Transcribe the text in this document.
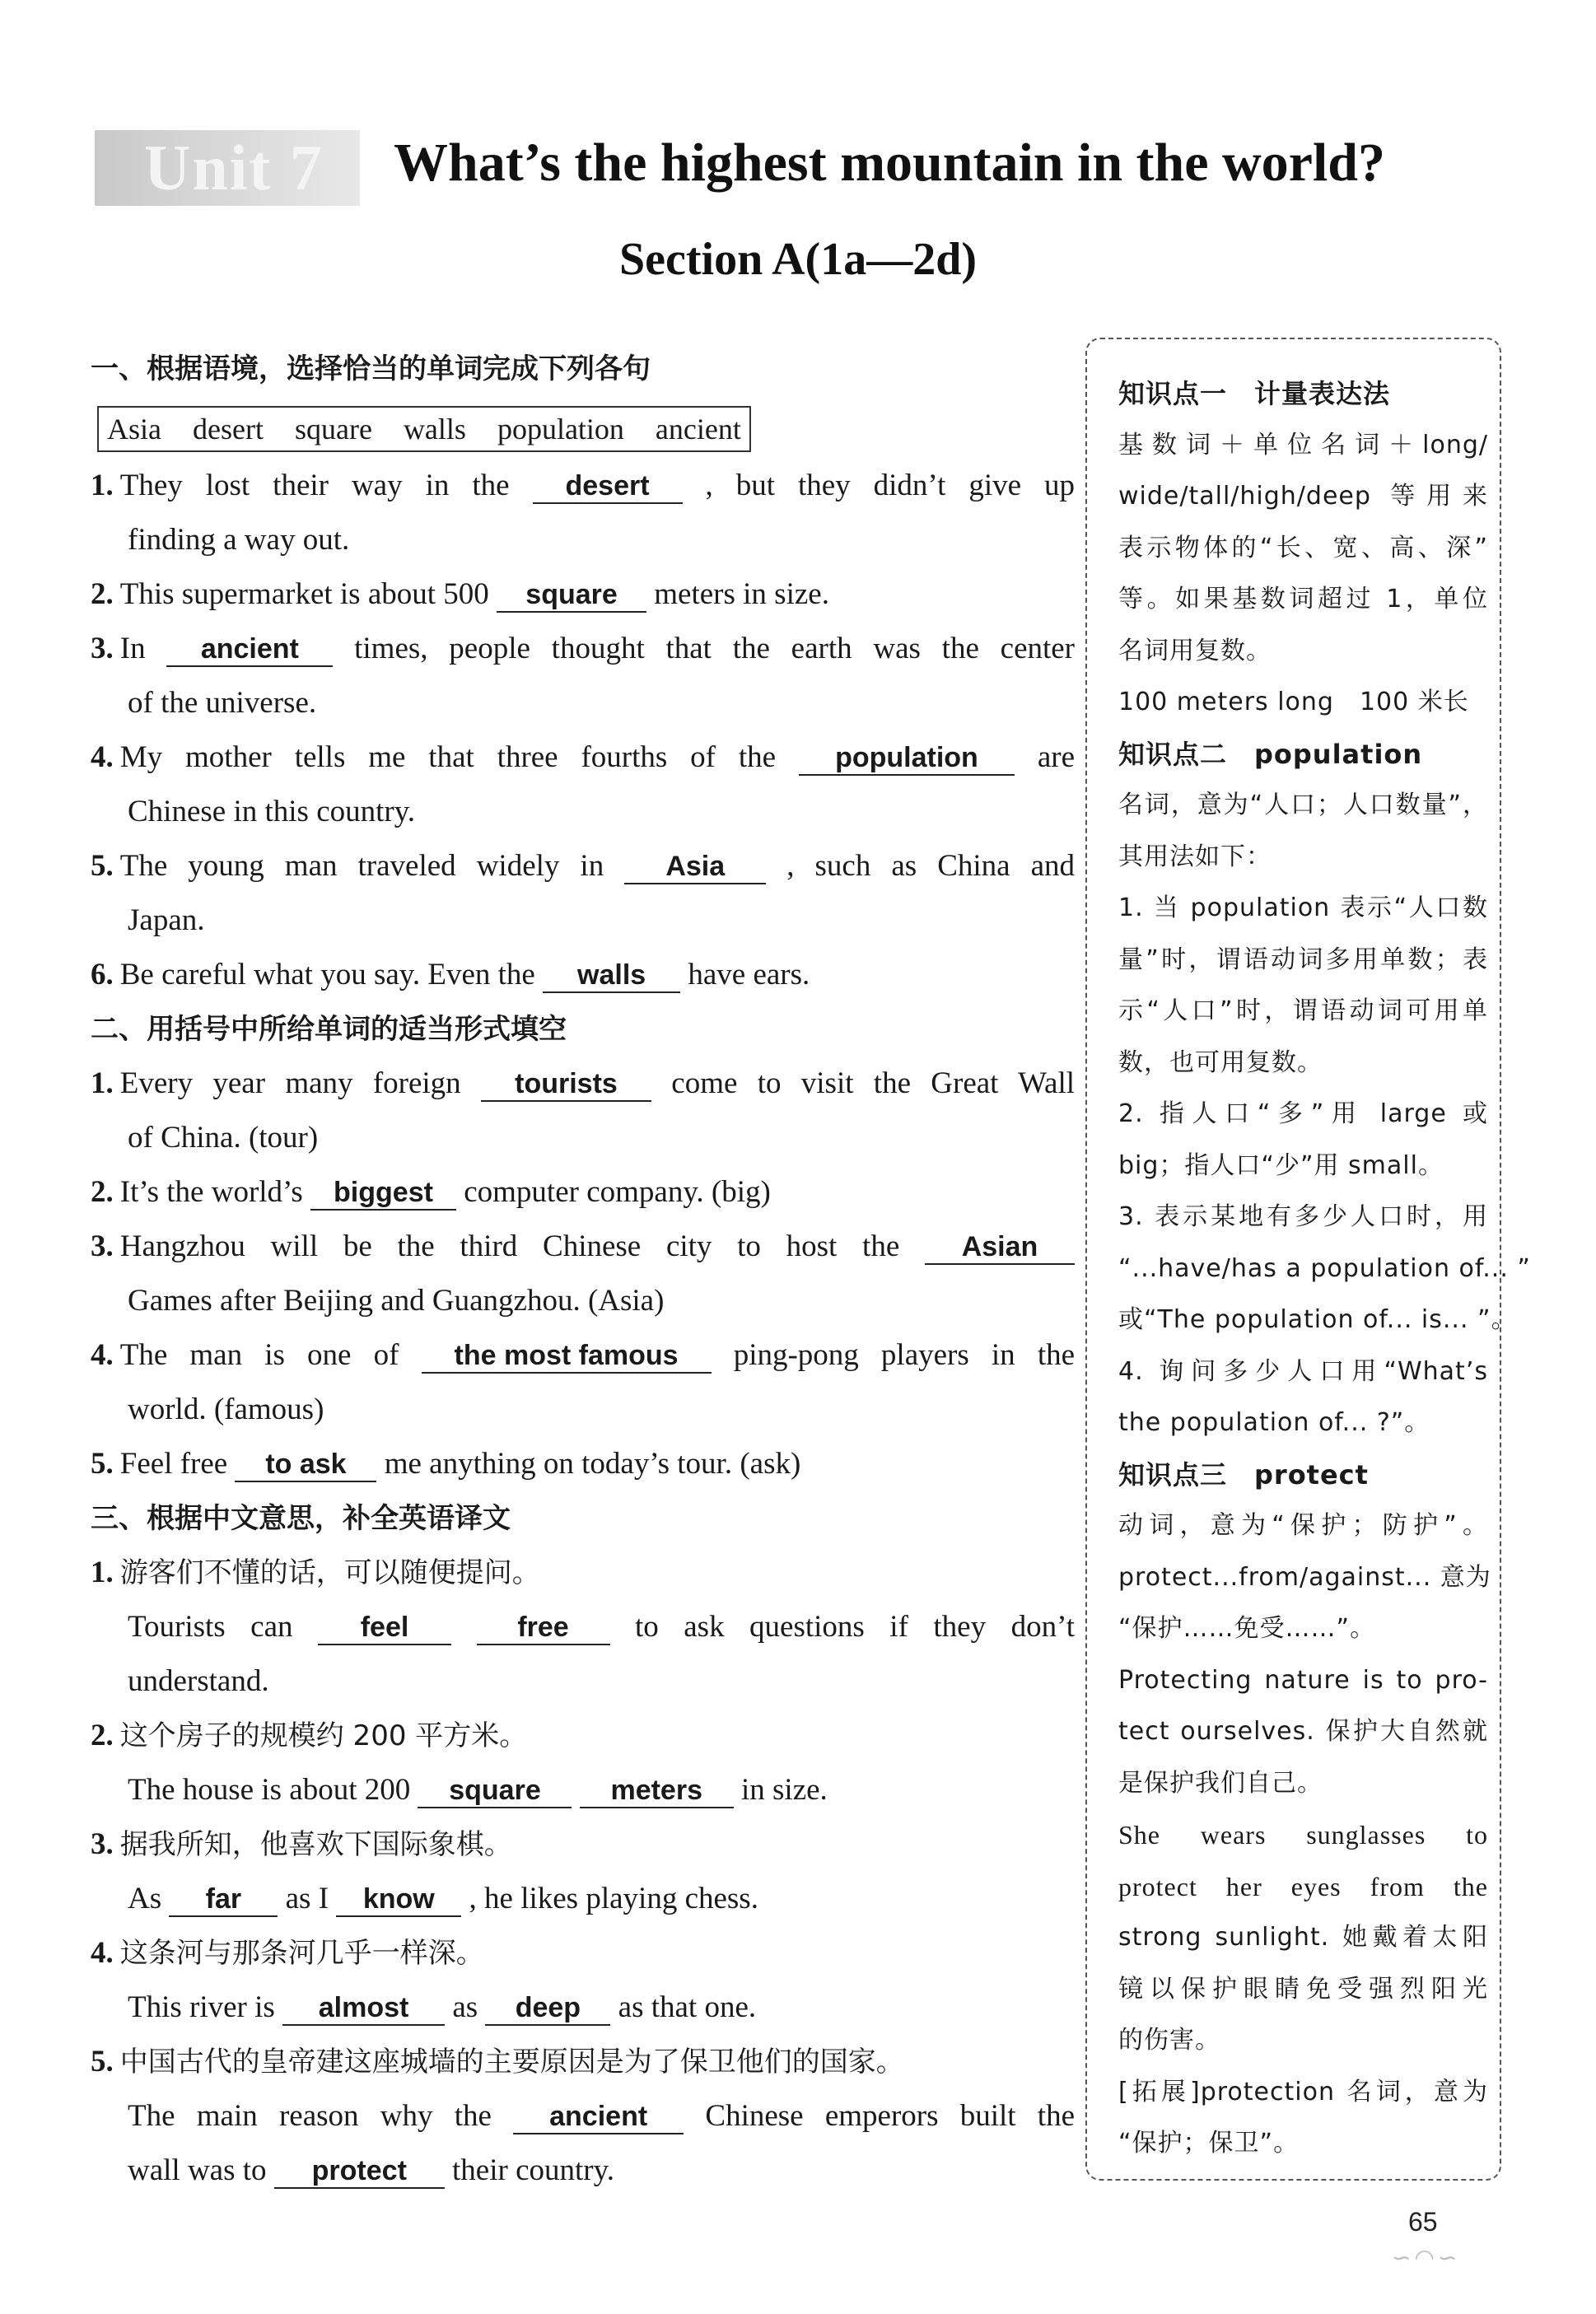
Unit 7	What’s the highest mountain in the world?
Section A(1a—2d)
一、根据语境，选择恰当的单词完成下列各句
Asia desert square walls population ancient
1. They lost their way in the desert , but they didn’t give up
finding a way out.
2. This supermarket is about 500 square meters in size.
3. In ancient times, people thought that the earth was the center
of the universe.
4. My mother tells me that three fourths of the population are
Chinese in this country.
5. The young man traveled widely in Asia , such as China and
Japan.
6. Be careful what you say. Even the walls have ears.
二、用括号中所给单词的适当形式填空
1. Every year many foreign tourists come to visit the Great Wall
of China. (tour)
2. It’s the world’s biggest computer company. (big)
3. Hangzhou will be the third Chinese city to host the Asian
Games after Beijing and Guangzhou. (Asia)
4. The man is one of the most famous ping-pong players in the
world. (famous)
5. Feel free to ask me anything on today’s tour. (ask)
三、根据中文意思，补全英语译文
1. 游客们不懂的话，可以随便提问。
Tourists can feel	free to ask questions if they don’t
understand.
2. 这个房子的规模约 200 平方米。
The house is about 200 square meters in size.
3. 据我所知，他喜欢下国际象棋。
As far as I know , he likes playing chess.
4. 这条河与那条河几乎一样深。
This river is almost as deep as that one.
5. 中国古代的皇帝建这座城墙的主要原因是为了保卫他们的国家。
The main reason why the ancient Chinese emperors built the
wall was to protect their country.
知识点一　计量表达法
基数词＋单位名词＋long/
wide/tall/high/deep 等用来
表示物体的“长、宽、高、深”
等。如果基数词超过 1，单位
名词用复数。
100 meters long　100 米长
知识点二　population
名词，意为“人口；人口数量”，
其用法如下：
1. 当 population 表示“人口数
量”时，谓语动词多用单数；表
示“人口”时，谓语动词可用单
数，也可用复数。
2. 指人口“多”用 large 或
big；指人口“少”用 small。
3. 表示某地有多少人口时，用
“...have/has a population of... ”
或“The population of... is... ”。
4. 询问多少人口用“What’s
the population of... ?”。
知识点三　protect
动词，意为“保护；防护”。
protect...from/against... 意为
“保护……免受……”。
Protecting nature is to pro-
tect ourselves. 保护大自然就
是保护我们自己。
She wears sunglasses to
protect her eyes from the
strong sunlight. 她戴着太阳
镜以保护眼睛免受强烈阳光
的伤害。
[拓展]protection 名词，意为
“保护；保卫”。
65
∽◠∽
